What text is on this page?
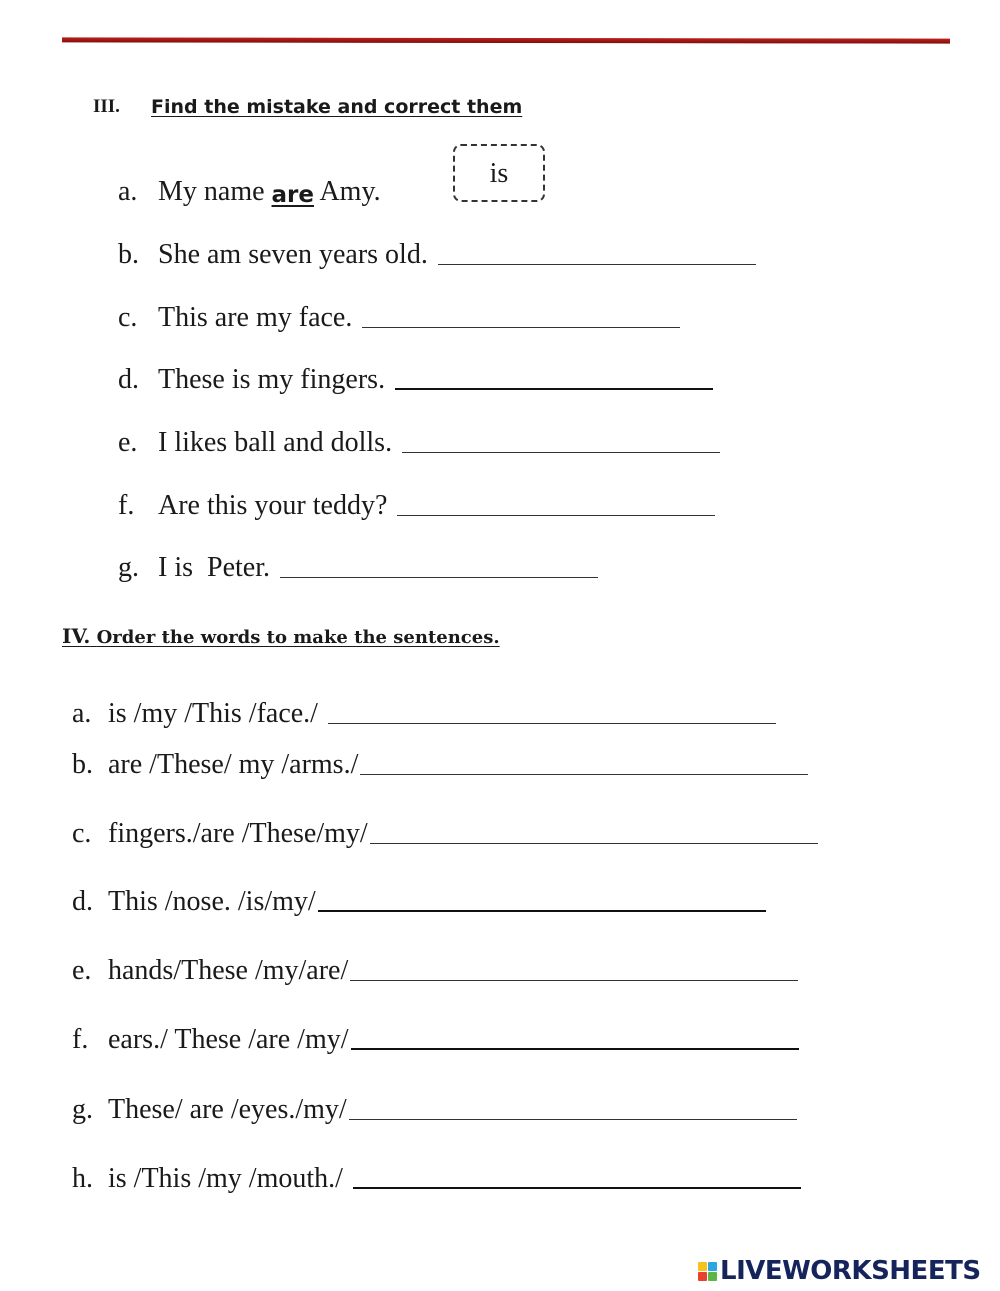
III.	Find the mistake and correct them
a. My name are Amy.
is
b. She am seven years old.
c. This are my face.
d. These is my fingers.
e. I likes ball and dolls.
f. Are this your teddy?
g. I is  Peter.
IV. Order the words to make the sentences.
a. is /my /This /face./
b. are /These/ my /arms./
c. fingers./are /These/my/
d. This /nose. /is/my/
e. hands/These /my/are/
f. ears./ These /are /my/
g. These/ are /eyes./my/
h. is /This /my /mouth./
LIVEWORKSHEETS
